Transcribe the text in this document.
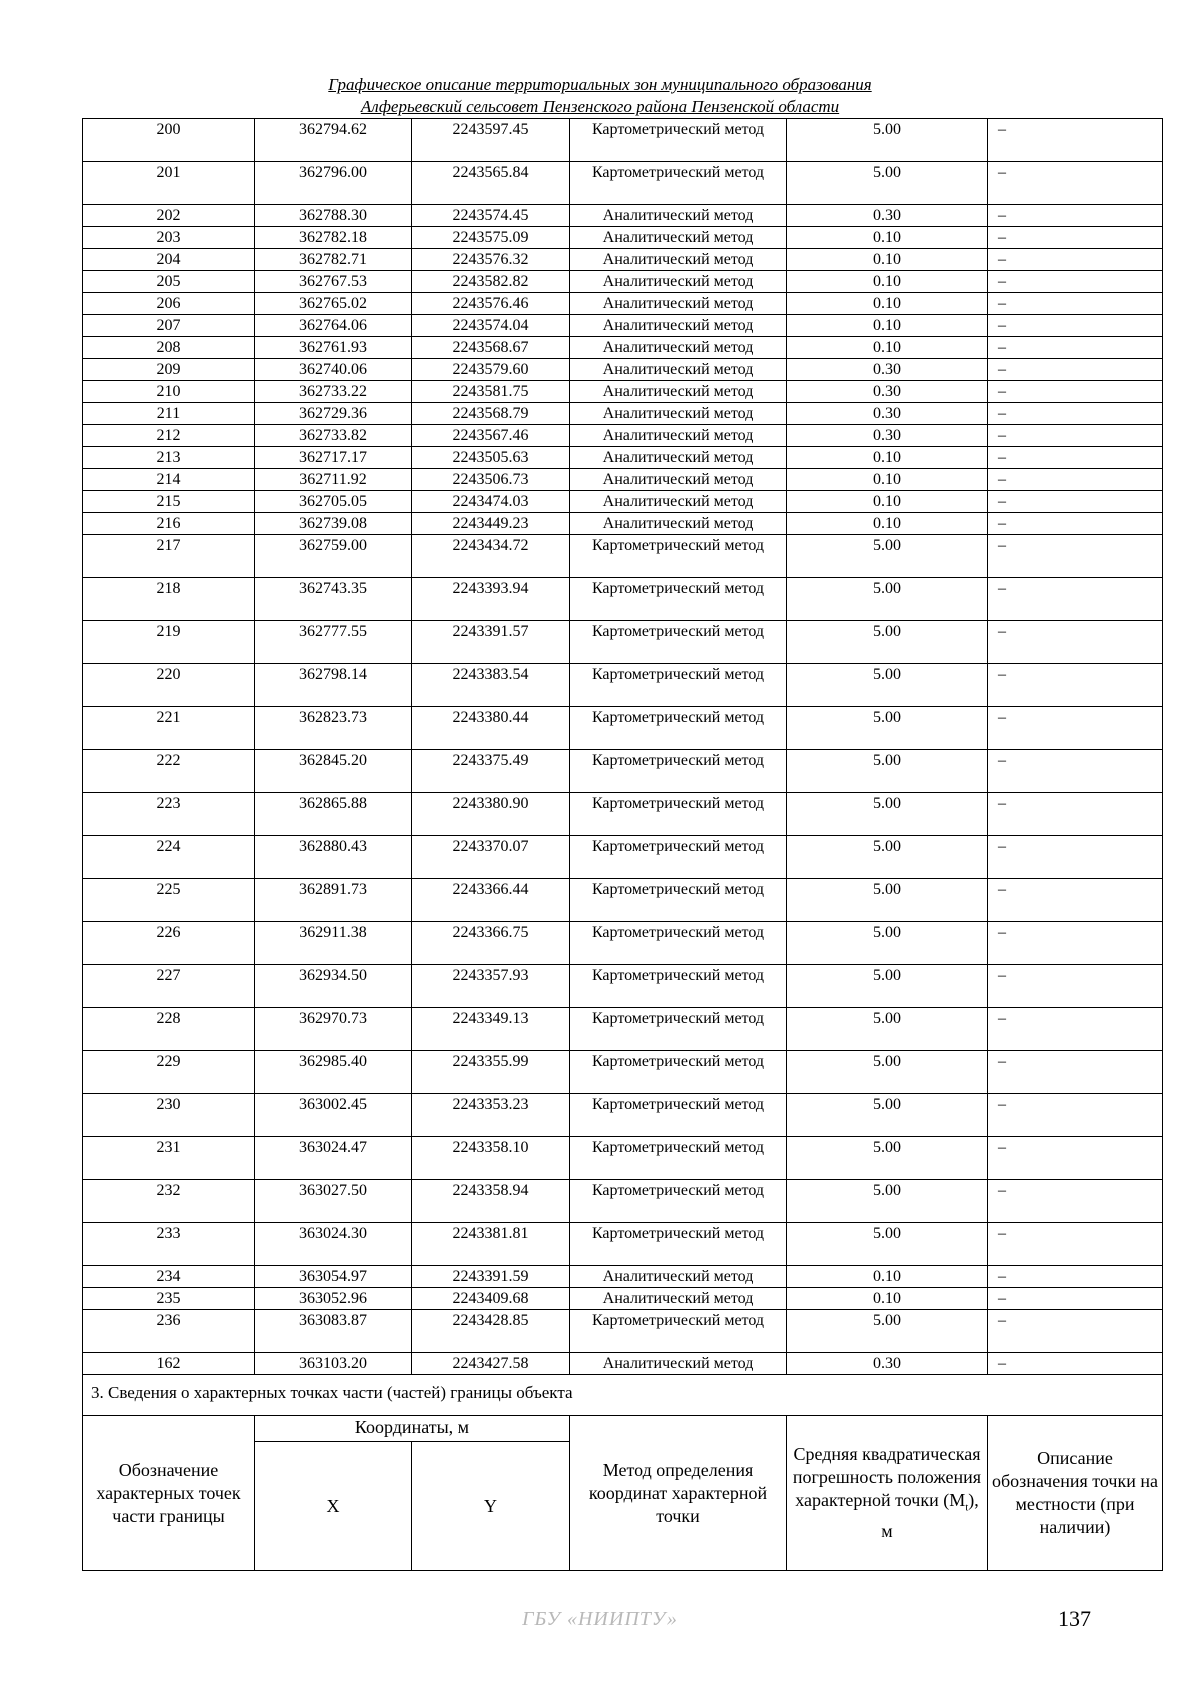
Графическое описание территориальных зон муниципального образования
Алферьевский сельсовет Пензенского района Пензенской области
200	362794.62	2243597.45	Картометрический метод	5.00	–
201	362796.00	2243565.84	Картометрический метод	5.00	–
202	362788.30	2243574.45	Аналитический метод	0.30	–
203	362782.18	2243575.09	Аналитический метод	0.10	–
204	362782.71	2243576.32	Аналитический метод	0.10	–
205	362767.53	2243582.82	Аналитический метод	0.10	–
206	362765.02	2243576.46	Аналитический метод	0.10	–
207	362764.06	2243574.04	Аналитический метод	0.10	–
208	362761.93	2243568.67	Аналитический метод	0.10	–
209	362740.06	2243579.60	Аналитический метод	0.30	–
210	362733.22	2243581.75	Аналитический метод	0.30	–
211	362729.36	2243568.79	Аналитический метод	0.30	–
212	362733.82	2243567.46	Аналитический метод	0.30	–
213	362717.17	2243505.63	Аналитический метод	0.10	–
214	362711.92	2243506.73	Аналитический метод	0.10	–
215	362705.05	2243474.03	Аналитический метод	0.10	–
216	362739.08	2243449.23	Аналитический метод	0.10	–
217	362759.00	2243434.72	Картометрический метод	5.00	–
218	362743.35	2243393.94	Картометрический метод	5.00	–
219	362777.55	2243391.57	Картометрический метод	5.00	–
220	362798.14	2243383.54	Картометрический метод	5.00	–
221	362823.73	2243380.44	Картометрический метод	5.00	–
222	362845.20	2243375.49	Картометрический метод	5.00	–
223	362865.88	2243380.90	Картометрический метод	5.00	–
224	362880.43	2243370.07	Картометрический метод	5.00	–
225	362891.73	2243366.44	Картометрический метод	5.00	–
226	362911.38	2243366.75	Картометрический метод	5.00	–
227	362934.50	2243357.93	Картометрический метод	5.00	–
228	362970.73	2243349.13	Картометрический метод	5.00	–
229	362985.40	2243355.99	Картометрический метод	5.00	–
230	363002.45	2243353.23	Картометрический метод	5.00	–
231	363024.47	2243358.10	Картометрический метод	5.00	–
232	363027.50	2243358.94	Картометрический метод	5.00	–
233	363024.30	2243381.81	Картометрический метод	5.00	–
234	363054.97	2243391.59	Аналитический метод	0.10	–
235	363052.96	2243409.68	Аналитический метод	0.10	–
236	363083.87	2243428.85	Картометрический метод	5.00	–
162	363103.20	2243427.58	Аналитический метод	0.30	–
3. Сведения о характерных точках части (частей) границы объекта					
Обозначение характерных точек части границы	Координаты, м		Метод определения координат характерной точки	Средняя квадратическая погрешность положения характерной точки $(M_t)$, м	Описание обозначения точки на местности (при наличии)
	X	Y			
ГБУ «НИИПТУ»	137
